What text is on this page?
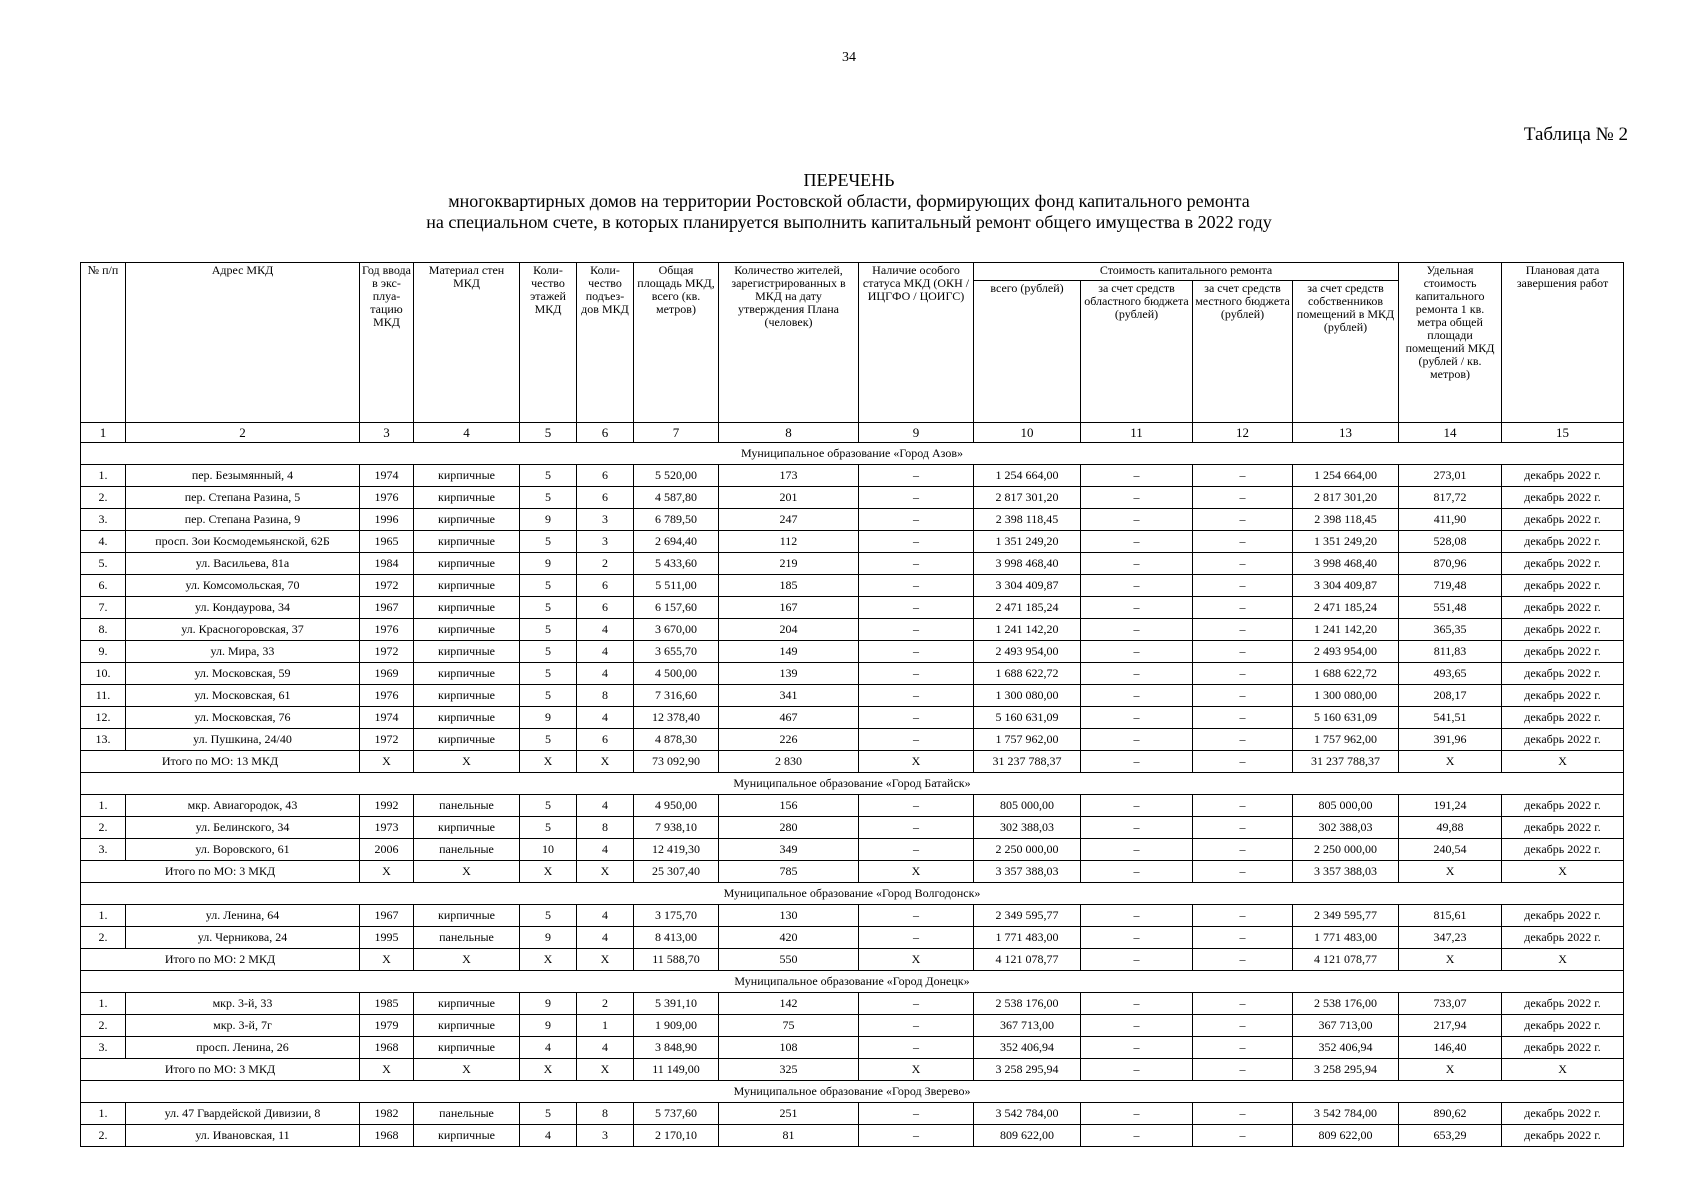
34
Таблица № 2
ПЕРЕЧЕНЬ
многоквартирных домов на территории Ростовской области, формирующих фонд капитального ремонта
на специальном счете, в которых планируется выполнить капитальный ремонт общего имущества в 2022 году
№ п/п	Адрес МКД	Год ввода в экс- плуа- тацию МКД	Материал стен МКД	Коли- чество этажей МКД	Коли- чество подъез- дов МКД	Общая площадь МКД, всего (кв. метров)	Количество жителей, зарегистрированных в МКД на дату утверждения Плана (человек)	Наличие особого статуса МКД (ОКН / ИЦГФО / ЦОИГС)	Стоимость капитального ремонта				Удельная стоимость капитального ремонта 1 кв. метра общей площади помещений МКД (рублей / кв. метров)	Плановая дата завершения работ
									всего (рублей)	за счет средств областного бюджета (рублей)	за счет средств местного бюджета (рублей)	за счет средств собственников помещений в МКД (рублей)		
1	2	3	4	5	6	7	8	9	10	11	12	13	14	15
Муниципальное образование «Город Азов»														
1.	пер. Безымянный, 4	1974	кирпичные	5	6	5 520,00	173	–	1 254 664,00	–	–	1 254 664,00	273,01	декабрь 2022 г.
2.	пер. Степана Разина, 5	1976	кирпичные	5	6	4 587,80	201	–	2 817 301,20	–	–	2 817 301,20	817,72	декабрь 2022 г.
3.	пер. Степана Разина, 9	1996	кирпичные	9	3	6 789,50	247	–	2 398 118,45	–	–	2 398 118,45	411,90	декабрь 2022 г.
4.	просп. Зои Космодемьянской, 62Б	1965	кирпичные	5	3	2 694,40	112	–	1 351 249,20	–	–	1 351 249,20	528,08	декабрь 2022 г.
5.	ул. Васильева, 81а	1984	кирпичные	9	2	5 433,60	219	–	3 998 468,40	–	–	3 998 468,40	870,96	декабрь 2022 г.
6.	ул. Комсомольская, 70	1972	кирпичные	5	6	5 511,00	185	–	3 304 409,87	–	–	3 304 409,87	719,48	декабрь 2022 г.
7.	ул. Кондаурова, 34	1967	кирпичные	5	6	6 157,60	167	–	2 471 185,24	–	–	2 471 185,24	551,48	декабрь 2022 г.
8.	ул. Красногоровская, 37	1976	кирпичные	5	4	3 670,00	204	–	1 241 142,20	–	–	1 241 142,20	365,35	декабрь 2022 г.
9.	ул. Мира, 33	1972	кирпичные	5	4	3 655,70	149	–	2 493 954,00	–	–	2 493 954,00	811,83	декабрь 2022 г.
10.	ул. Московская, 59	1969	кирпичные	5	4	4 500,00	139	–	1 688 622,72	–	–	1 688 622,72	493,65	декабрь 2022 г.
11.	ул. Московская, 61	1976	кирпичные	5	8	7 316,60	341	–	1 300 080,00	–	–	1 300 080,00	208,17	декабрь 2022 г.
12.	ул. Московская, 76	1974	кирпичные	9	4	12 378,40	467	–	5 160 631,09	–	–	5 160 631,09	541,51	декабрь 2022 г.
13.	ул. Пушкина, 24/40	1972	кирпичные	5	6	4 878,30	226	–	1 757 962,00	–	–	1 757 962,00	391,96	декабрь 2022 г.
Итого по МО: 13 МКД		X	X	X	X	73 092,90	2 830	X	31 237 788,37	–	–	31 237 788,37	X	X
Муниципальное образование «Город Батайск»														
1.	мкр. Авиагородок, 43	1992	панельные	5	4	4 950,00	156	–	805 000,00	–	–	805 000,00	191,24	декабрь 2022 г.
2.	ул. Белинского, 34	1973	кирпичные	5	8	7 938,10	280	–	302 388,03	–	–	302 388,03	49,88	декабрь 2022 г.
3.	ул. Воровского, 61	2006	панельные	10	4	12 419,30	349	–	2 250 000,00	–	–	2 250 000,00	240,54	декабрь 2022 г.
Итого по МО: 3 МКД		X	X	X	X	25 307,40	785	X	3 357 388,03	–	–	3 357 388,03	X	X
Муниципальное образование «Город Волгодонск»														
1.	ул. Ленина, 64	1967	кирпичные	5	4	3 175,70	130	–	2 349 595,77	–	–	2 349 595,77	815,61	декабрь 2022 г.
2.	ул. Черникова, 24	1995	панельные	9	4	8 413,00	420	–	1 771 483,00	–	–	1 771 483,00	347,23	декабрь 2022 г.
Итого по МО: 2 МКД		X	X	X	X	11 588,70	550	X	4 121 078,77	–	–	4 121 078,77	X	X
Муниципальное образование «Город Донецк»														
1.	мкр. 3-й, 33	1985	кирпичные	9	2	5 391,10	142	–	2 538 176,00	–	–	2 538 176,00	733,07	декабрь 2022 г.
2.	мкр. 3-й, 7г	1979	кирпичные	9	1	1 909,00	75	–	367 713,00	–	–	367 713,00	217,94	декабрь 2022 г.
3.	просп. Ленина, 26	1968	кирпичные	4	4	3 848,90	108	–	352 406,94	–	–	352 406,94	146,40	декабрь 2022 г.
Итого по МО: 3 МКД		X	X	X	X	11 149,00	325	X	3 258 295,94	–	–	3 258 295,94	X	X
Муниципальное образование «Город Зверево»														
1.	ул. 47 Гвардейской Дивизии, 8	1982	панельные	5	8	5 737,60	251	–	3 542 784,00	–	–	3 542 784,00	890,62	декабрь 2022 г.
2.	ул. Ивановская, 11	1968	кирпичные	4	3	2 170,10	81	–	809 622,00	–	–	809 622,00	653,29	декабрь 2022 г.
